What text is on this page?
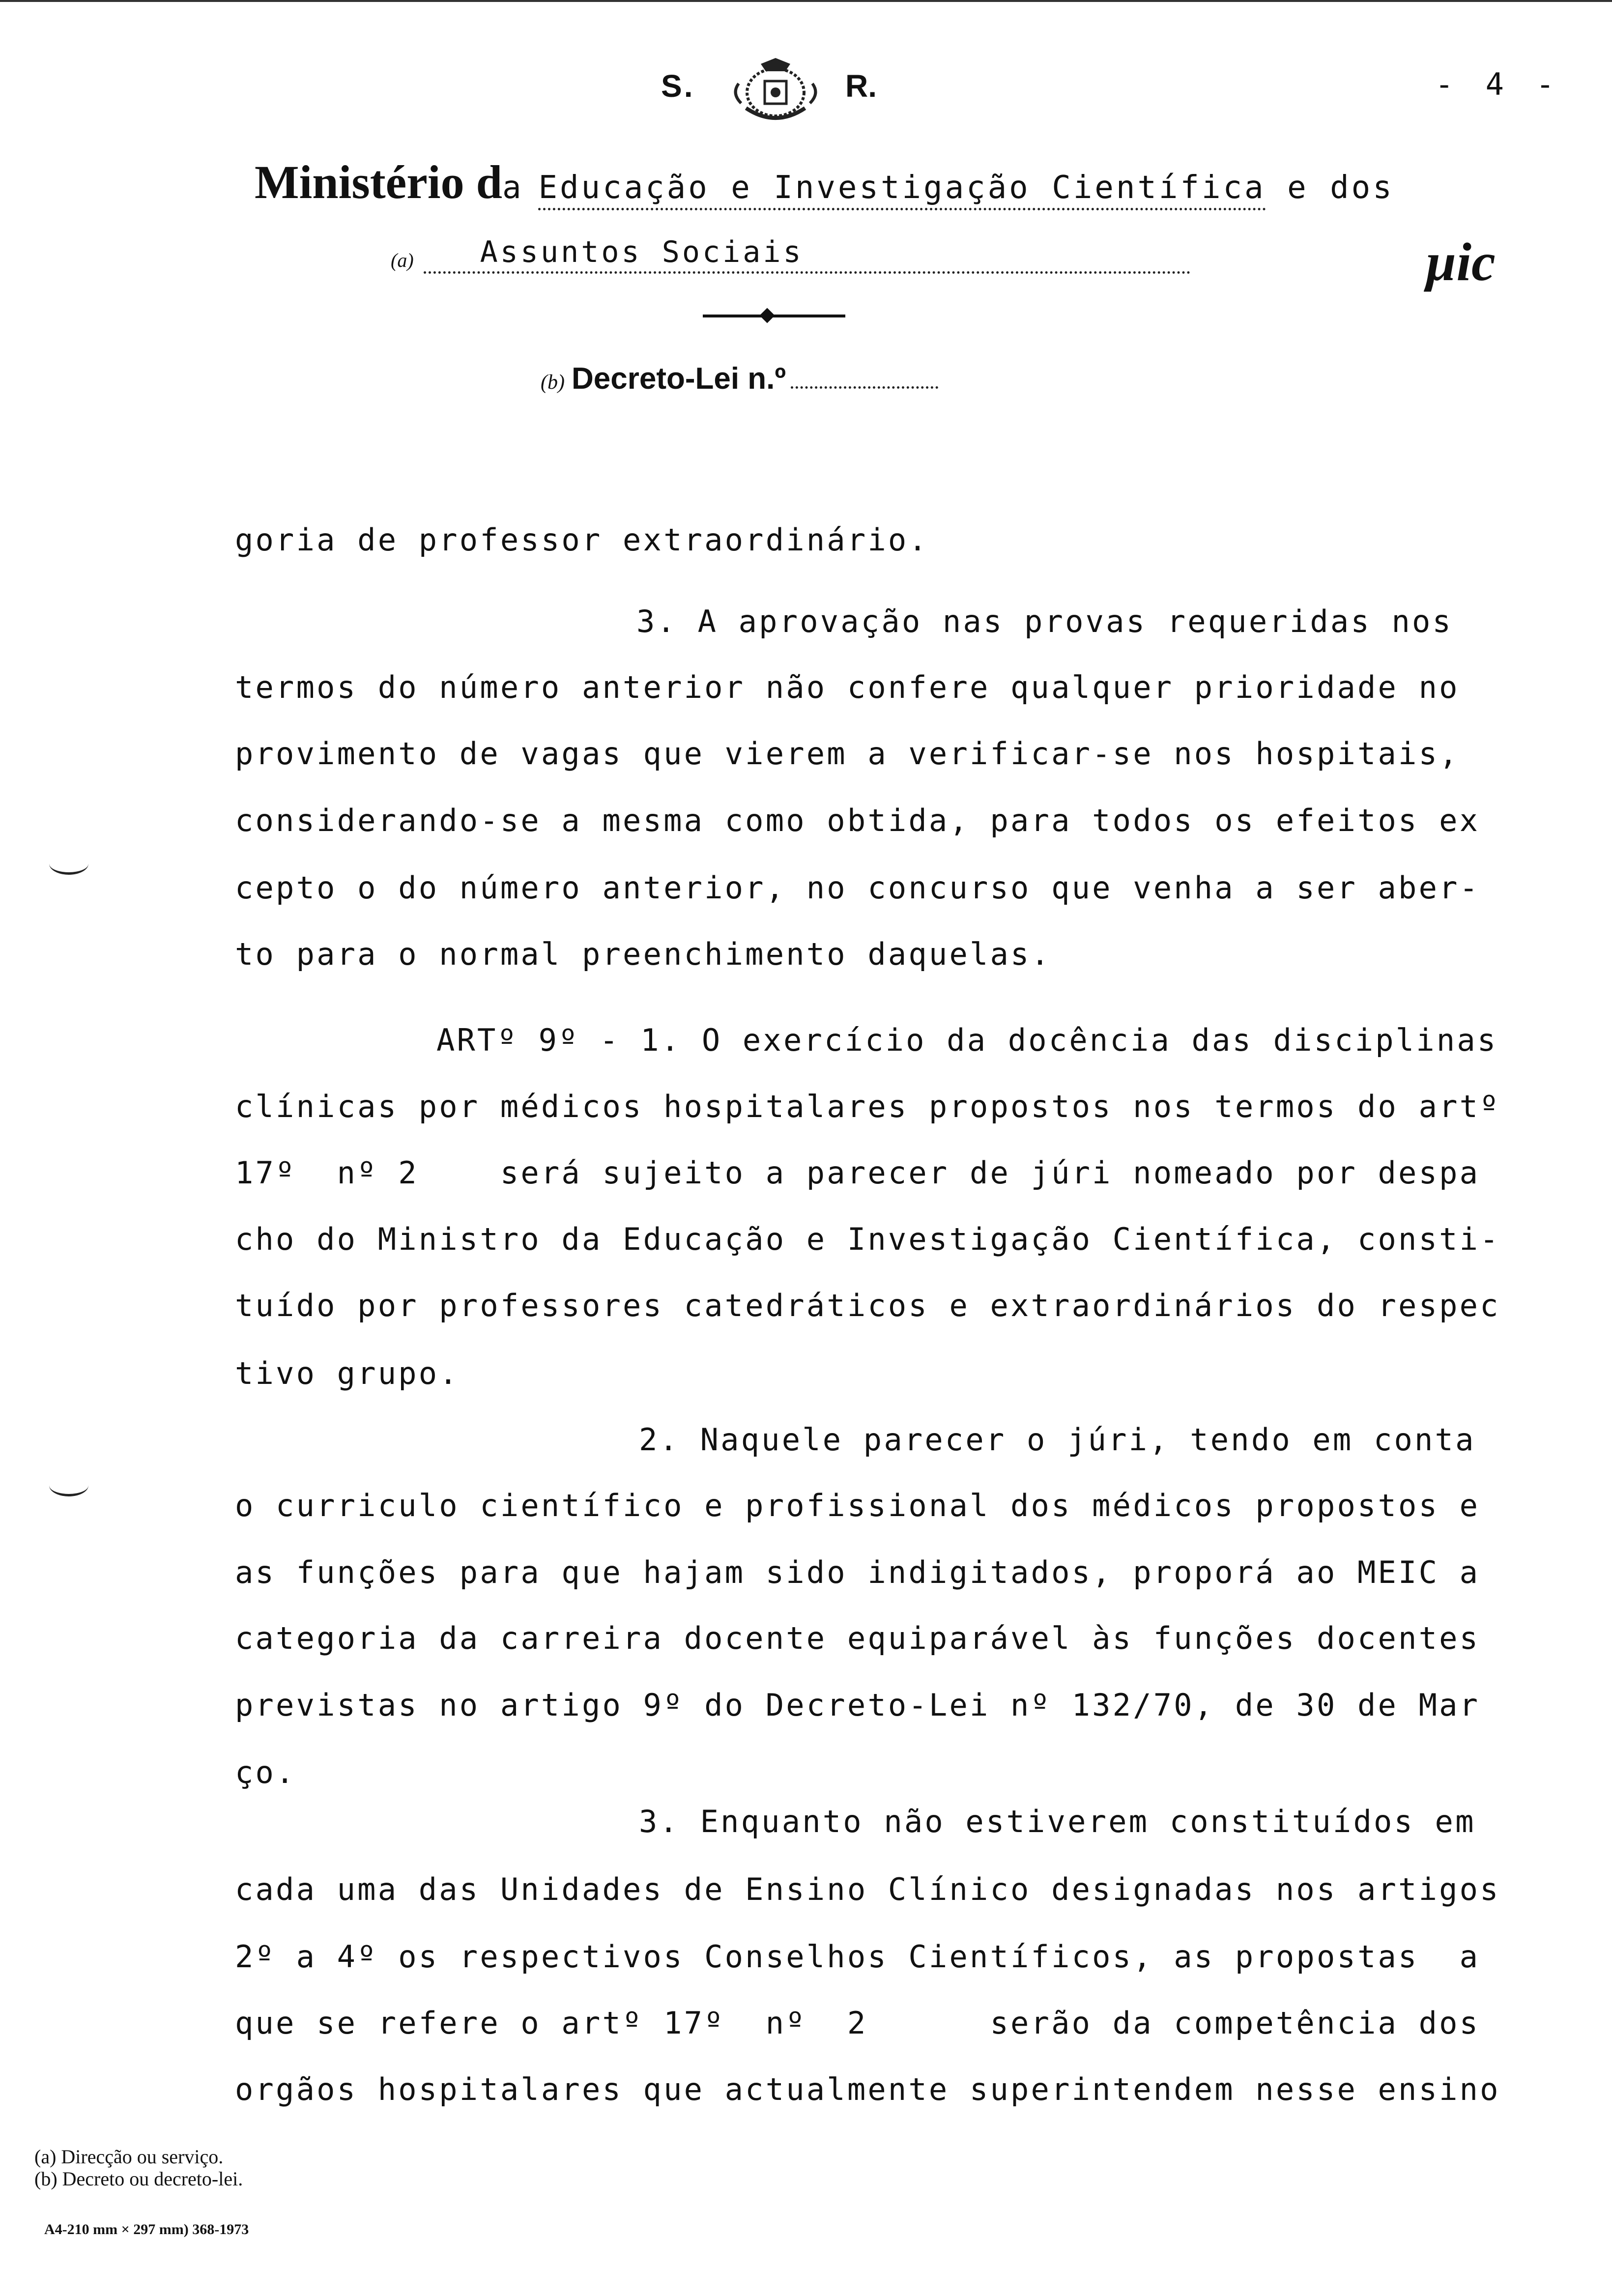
S.	R.	- 4 -
Ministério da Educação e Investigação Científica e dos
(a) Assuntos Sociais	µic
(b) Decreto-Lei n.º
goria de professor extraordinário.
3. A aprovação nas provas requeridas nos
termos do número anterior não confere qualquer prioridade no
provimento de vagas que vierem a verificar-se nos hospitais,
considerando-se a mesma como obtida, para todos os efeitos ex
cepto o do número anterior, no concurso que venha a ser aber-
to para o normal preenchimento daquelas.
ARTº 9º - 1. O exercício da docência das disciplinas
clínicas por médicos hospitalares propostos nos termos do artº
17º  nº 2    será sujeito a parecer de júri nomeado por despa
cho do Ministro da Educação e Investigação Científica, consti-
tuído por professores catedráticos e extraordinários do respec
tivo grupo.
2. Naquele parecer o júri, tendo em conta
o curriculo científico e profissional dos médicos propostos e
as funções para que hajam sido indigitados, proporá ao MEIC a
categoria da carreira docente equiparável às funções docentes
previstas no artigo 9º do Decreto-Lei nº 132/70, de 30 de Mar
ço.
3. Enquanto não estiverem constituídos em
cada uma das Unidades de Ensino Clínico designadas nos artigos
2º a 4º os respectivos Conselhos Científicos, as propostas  a
que se refere o artº 17º  nº  2      serão da competência dos
orgãos hospitalares que actualmente superintendem nesse ensino
(a) Direcção ou serviço.
(b) Decreto ou decreto-lei.
A4-210 mm × 297 mm) 368-1973
